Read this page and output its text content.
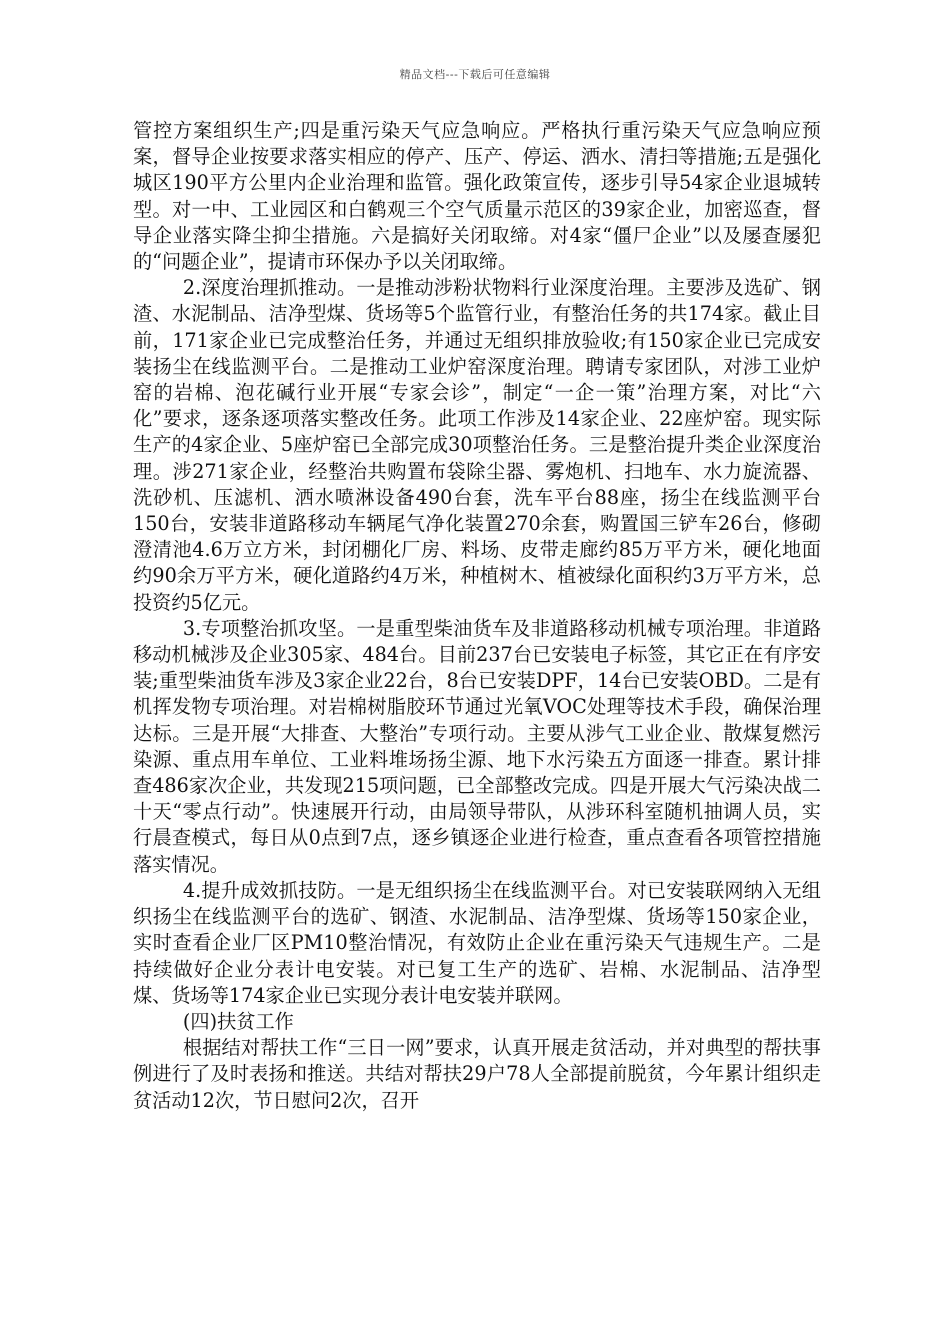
精品文档---下载后可任意编辑

管控方案组织生产;四是重污染天气应急响应。严格执行重污染天气应急响应预案，督导企业按要求落实相应的停产、压产、停运、洒水、清扫等措施;五是强化城区190平方公里内企业治理和监管。强化政策宣传，逐步引导54家企业退城转型。对一中、工业园区和白鹤观三个空气质量示范区的39家企业，加密巡查，督导企业落实降尘抑尘措施。六是搞好关闭取缔。对4家“僵尸企业”以及屡查屡犯的“问题企业”，提请市环保办予以关闭取缔。

2.深度治理抓推动。一是推动涉粉状物料行业深度治理。主要涉及选矿、钢渣、水泥制品、洁净型煤、货场等5个监管行业，有整治任务的共174家。截止目前，171家企业已完成整治任务，并通过无组织排放验收;有150家企业已完成安装扬尘在线监测平台。二是推动工业炉窑深度治理。聘请专家团队，对涉工业炉窑的岩棉、泡花碱行业开展“专家会诊”，制定“一企一策”治理方案，对比“六化”要求，逐条逐项落实整改任务。此项工作涉及14家企业、22座炉窑。现实际生产的4家企业、5座炉窑已全部完成30项整治任务。三是整治提升类企业深度治理。涉271家企业，经整治共购置布袋除尘器、雾炮机、扫地车、水力旋流器、洗砂机、压滤机、洒水喷淋设备490台套，洗车平台88座，扬尘在线监测平台150台，安装非道路移动车辆尾气净化装置270余套，购置国三铲车26台，修砌澄清池4.6万立方米，封闭棚化厂房、料场、皮带走廊约85万平方米，硬化地面约90余万平方米，硬化道路约4万米，种植树木、植被绿化面积约3万平方米，总投资约5亿元。

3.专项整治抓攻坚。一是重型柴油货车及非道路移动机械专项治理。非道路移动机械涉及企业305家、484台。目前237台已安装电子标签，其它正在有序安装;重型柴油货车涉及3家企业22台，8台已安装DPF，14台已安装OBD。二是有机挥发物专项治理。对岩棉树脂胶环节通过光氧VOC处理等技术手段，确保治理达标。三是开展“大排查、大整治”专项行动。主要从涉气工业企业、散煤复燃污染源、重点用车单位、工业料堆场扬尘源、地下水污染五方面逐一排查。累计排查486家次企业，共发现215项问题，已全部整改完成。四是开展大气污染决战二十天“零点行动”。快速展开行动，由局领导带队，从涉环科室随机抽调人员，实行晨查模式，每日从0点到7点，逐乡镇逐企业进行检查，重点查看各项管控措施落实情况。

4.提升成效抓技防。一是无组织扬尘在线监测平台。对已安装联网纳入无组织扬尘在线监测平台的选矿、钢渣、水泥制品、洁净型煤、货场等150家企业，实时查看企业厂区PM10整治情况，有效防止企业在重污染天气违规生产。二是持续做好企业分表计电安装。对已复工生产的选矿、岩棉、水泥制品、洁净型煤、货场等174家企业已实现分表计电安装并联网。

(四)扶贫工作

根据结对帮扶工作“三日一网”要求，认真开展走贫活动，并对典型的帮扶事例进行了及时表扬和推送。共结对帮扶29户78人全部提前脱贫，今年累计组织走贫活动12次，节日慰问2次，召开
